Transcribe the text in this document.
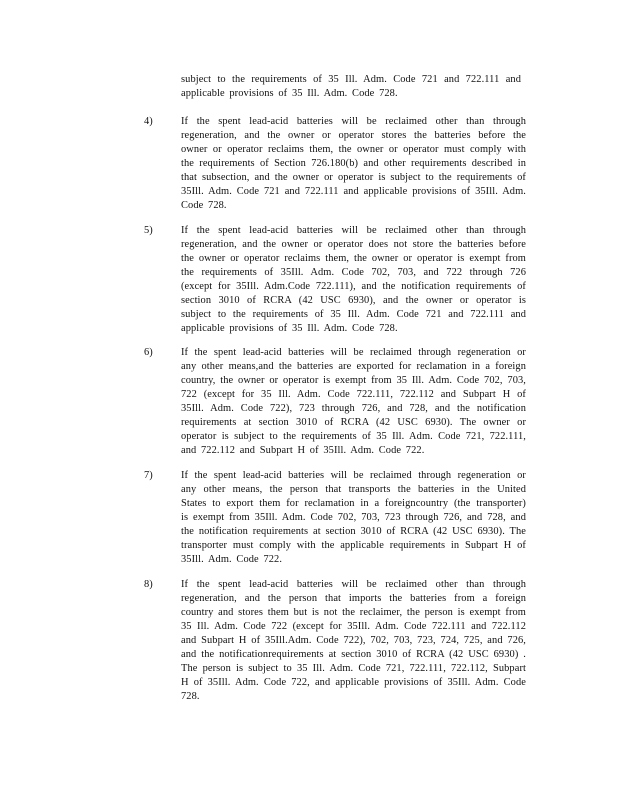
subject to the requirements of 35 Ill. Adm. Code 721 and 722.111 and applicable provisions of 35 Ill. Adm. Code 728.
4)	If the spent lead-acid batteries will be reclaimed other than through regeneration, and the owner or operator stores the batteries before the owner or operator reclaims them, the owner or operator must comply with the requirements of Section 726.180(b) and other requirements described in that subsection, and the owner or operator is subject to the requirements of 35Ill. Adm. Code 721 and 722.111 and applicable provisions of 35Ill. Adm. Code 728.
5)	If the spent lead-acid batteries will be reclaimed other than through regeneration, and the owner or operator does not store the batteries before the owner or operator reclaims them, the owner or operator is exempt from the requirements of 35Ill. Adm. Code 702, 703, and 722 through 726 (except for 35Ill. Adm.Code 722.111), and the notification requirements of section 3010 of RCRA (42 USC 6930), and the owner or operator is subject to the requirements of 35 Ill. Adm. Code 721 and 722.111 and applicable provisions of 35 Ill. Adm. Code 728.
6)	If the spent lead-acid batteries will be reclaimed through regeneration or any other means,and the batteries are exported for reclamation in a foreign country, the owner or operator is exempt from 35 Ill. Adm. Code 702, 703, 722 (except for 35 Ill. Adm. Code 722.111, 722.112 and Subpart H of 35Ill. Adm. Code 722), 723 through 726, and 728, and the notification requirements at section 3010 of RCRA (42 USC 6930). The owner or operator is subject to the requirements of 35 Ill. Adm. Code 721, 722.111, and 722.112 and Subpart H of 35Ill. Adm. Code 722.
7)	If the spent lead-acid batteries will be reclaimed through regeneration or any other means, the person that transports the batteries in the United States to export them for reclamation in a foreigncountry (the transporter) is exempt from 35Ill. Adm. Code 702, 703, 723 through 726, and 728, and the notification requirements at section 3010 of RCRA (42 USC 6930). The transporter must comply with the applicable requirements in Subpart H of 35Ill. Adm. Code 722.
8)	If the spent lead-acid batteries will be reclaimed other than through regeneration, and the person that imports the batteries from a foreign country and stores them but is not the reclaimer, the person is exempt from 35 Ill. Adm. Code 722 (except for 35Ill. Adm. Code 722.111 and 722.112 and Subpart H of 35Ill.Adm. Code 722), 702, 703, 723, 724, 725, and 726, and the notificationrequirements at section 3010 of RCRA (42 USC 6930) . The person is subject to 35 Ill. Adm. Code 721, 722.111, 722.112, Subpart H of 35Ill. Adm. Code 722, and applicable provisions of 35Ill. Adm. Code 728.
